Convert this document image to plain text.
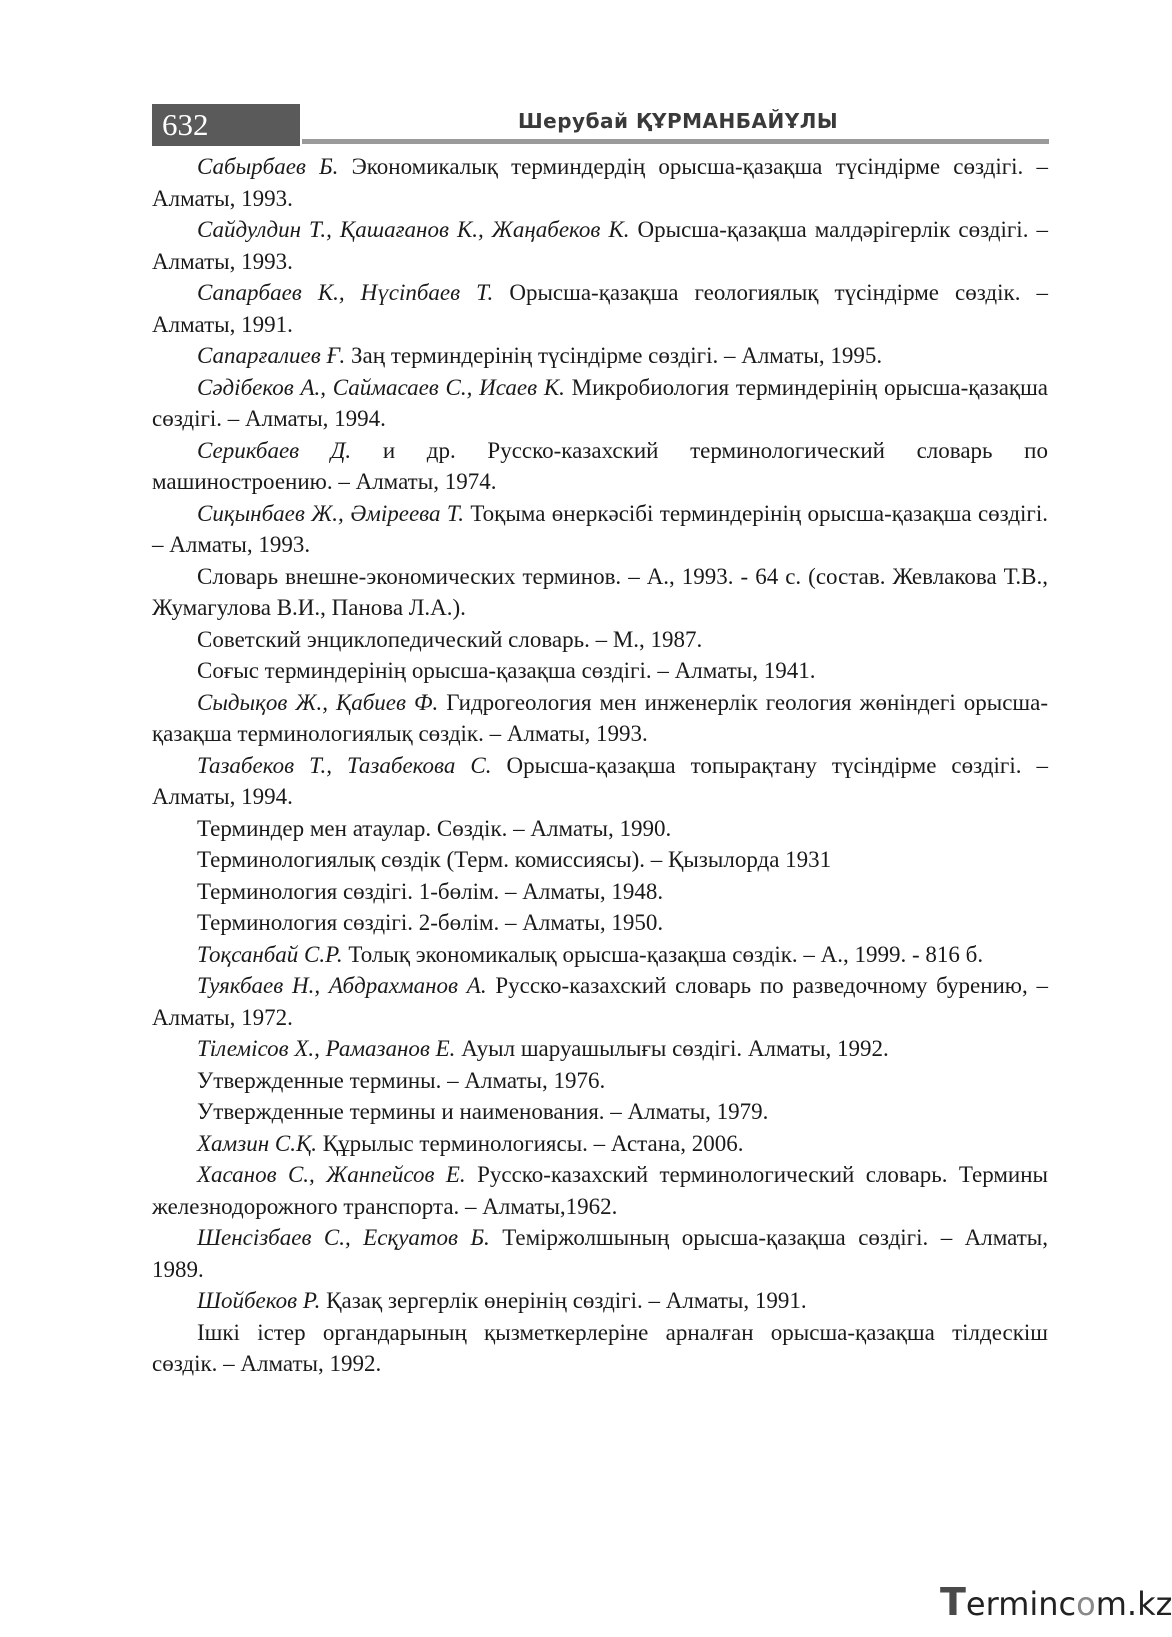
632	Шерубай ҚҰРМАНБАЙҰЛЫ

Сабырбаев Б. Экономикалық терминдердің орысша-қазақша түсіндірме сөздігі. – Алматы, 1993.

Сайдулдин Т., Қашағанов К., Жаңабеков К. Орысша-қазақша малдәрігерлік сөздігі. – Алматы, 1993.

Сапарбаев К., Нүсіпбаев Т. Орысша-қазақша геологиялық түсіндірме сөздік. – Алматы, 1991.

Сапарғалиев Ғ. Заң терминдерінің түсіндірме сөздігі. – Алматы, 1995.

Сәдібеков А., Саймасаев С., Исаев К. Микробиология терминдерінің орысша-қазақша сөздігі. – Алматы, 1994.

Серикбаев Д. и др. Русско-казахский терминологический словарь по машиностроению. – Алматы, 1974.

Сиқынбаев Ж., Әміреева Т. Тоқыма өнеркәсібі терминдерінің орысша-қазақша сөздігі. – Алматы, 1993.

Словарь внешне-экономических терминов. – А., 1993. - 64 с. (состав. Жевлакова Т.В., Жумагулова В.И., Панова Л.А.).

Советский энциклопедический словарь. – М., 1987.

Соғыс терминдерінің орысша-қазақша сөздігі. – Алматы, 1941.

Сыдықов Ж., Қабиев Ф. Гидрогеология мен инженерлік геология жөніндегі орысша-қазақша терминологиялық сөздік. – Алматы, 1993.

Тазабеков Т., Тазабекова С. Орысша-қазақша топырақтану түсіндірме сөздігі. – Алматы, 1994.

Терминдер мен атаулар. Сөздік. – Алматы, 1990.

Терминологиялық сөздік (Терм. комиссиясы). – Қызылорда 1931

Терминология сөздігі. 1-бөлім. – Алматы, 1948.

Терминология сөздігі. 2-бөлім. – Алматы, 1950.

Тоқсанбай С.Р. Толық экономикалық орысша-қазақша сөздік. – А., 1999. - 816 б.

Туякбаев Н., Абдрахманов А. Русско-казахский словарь по разведочному бурению, – Алматы, 1972.

Тілемісов Х., Рамазанов Е. Ауыл шаруашылығы сөздігі. Алматы, 1992.

Утвержденные термины. – Алматы, 1976.

Утвержденные термины и наименования. – Алматы, 1979.

Хамзин С.Қ. Құрылыс терминологиясы. – Астана, 2006.

Хасанов С., Жанпейсов Е. Русско-казахский терминологический словарь. Термины железнодорожного транспорта. – Алматы,1962.

Шенсізбаев С., Есқуатов Б. Теміржолшының орысша-қазақша сөздігі. – Алматы, 1989.

Шойбеков Р. Қазақ зергерлік өнерінің сөздігі. – Алматы, 1991.

Ішкі істер органдарының қызметкерлеріне арналған орысша-қазақша тілдескіш сөздік. – Алматы, 1992.

Termincom.kz
